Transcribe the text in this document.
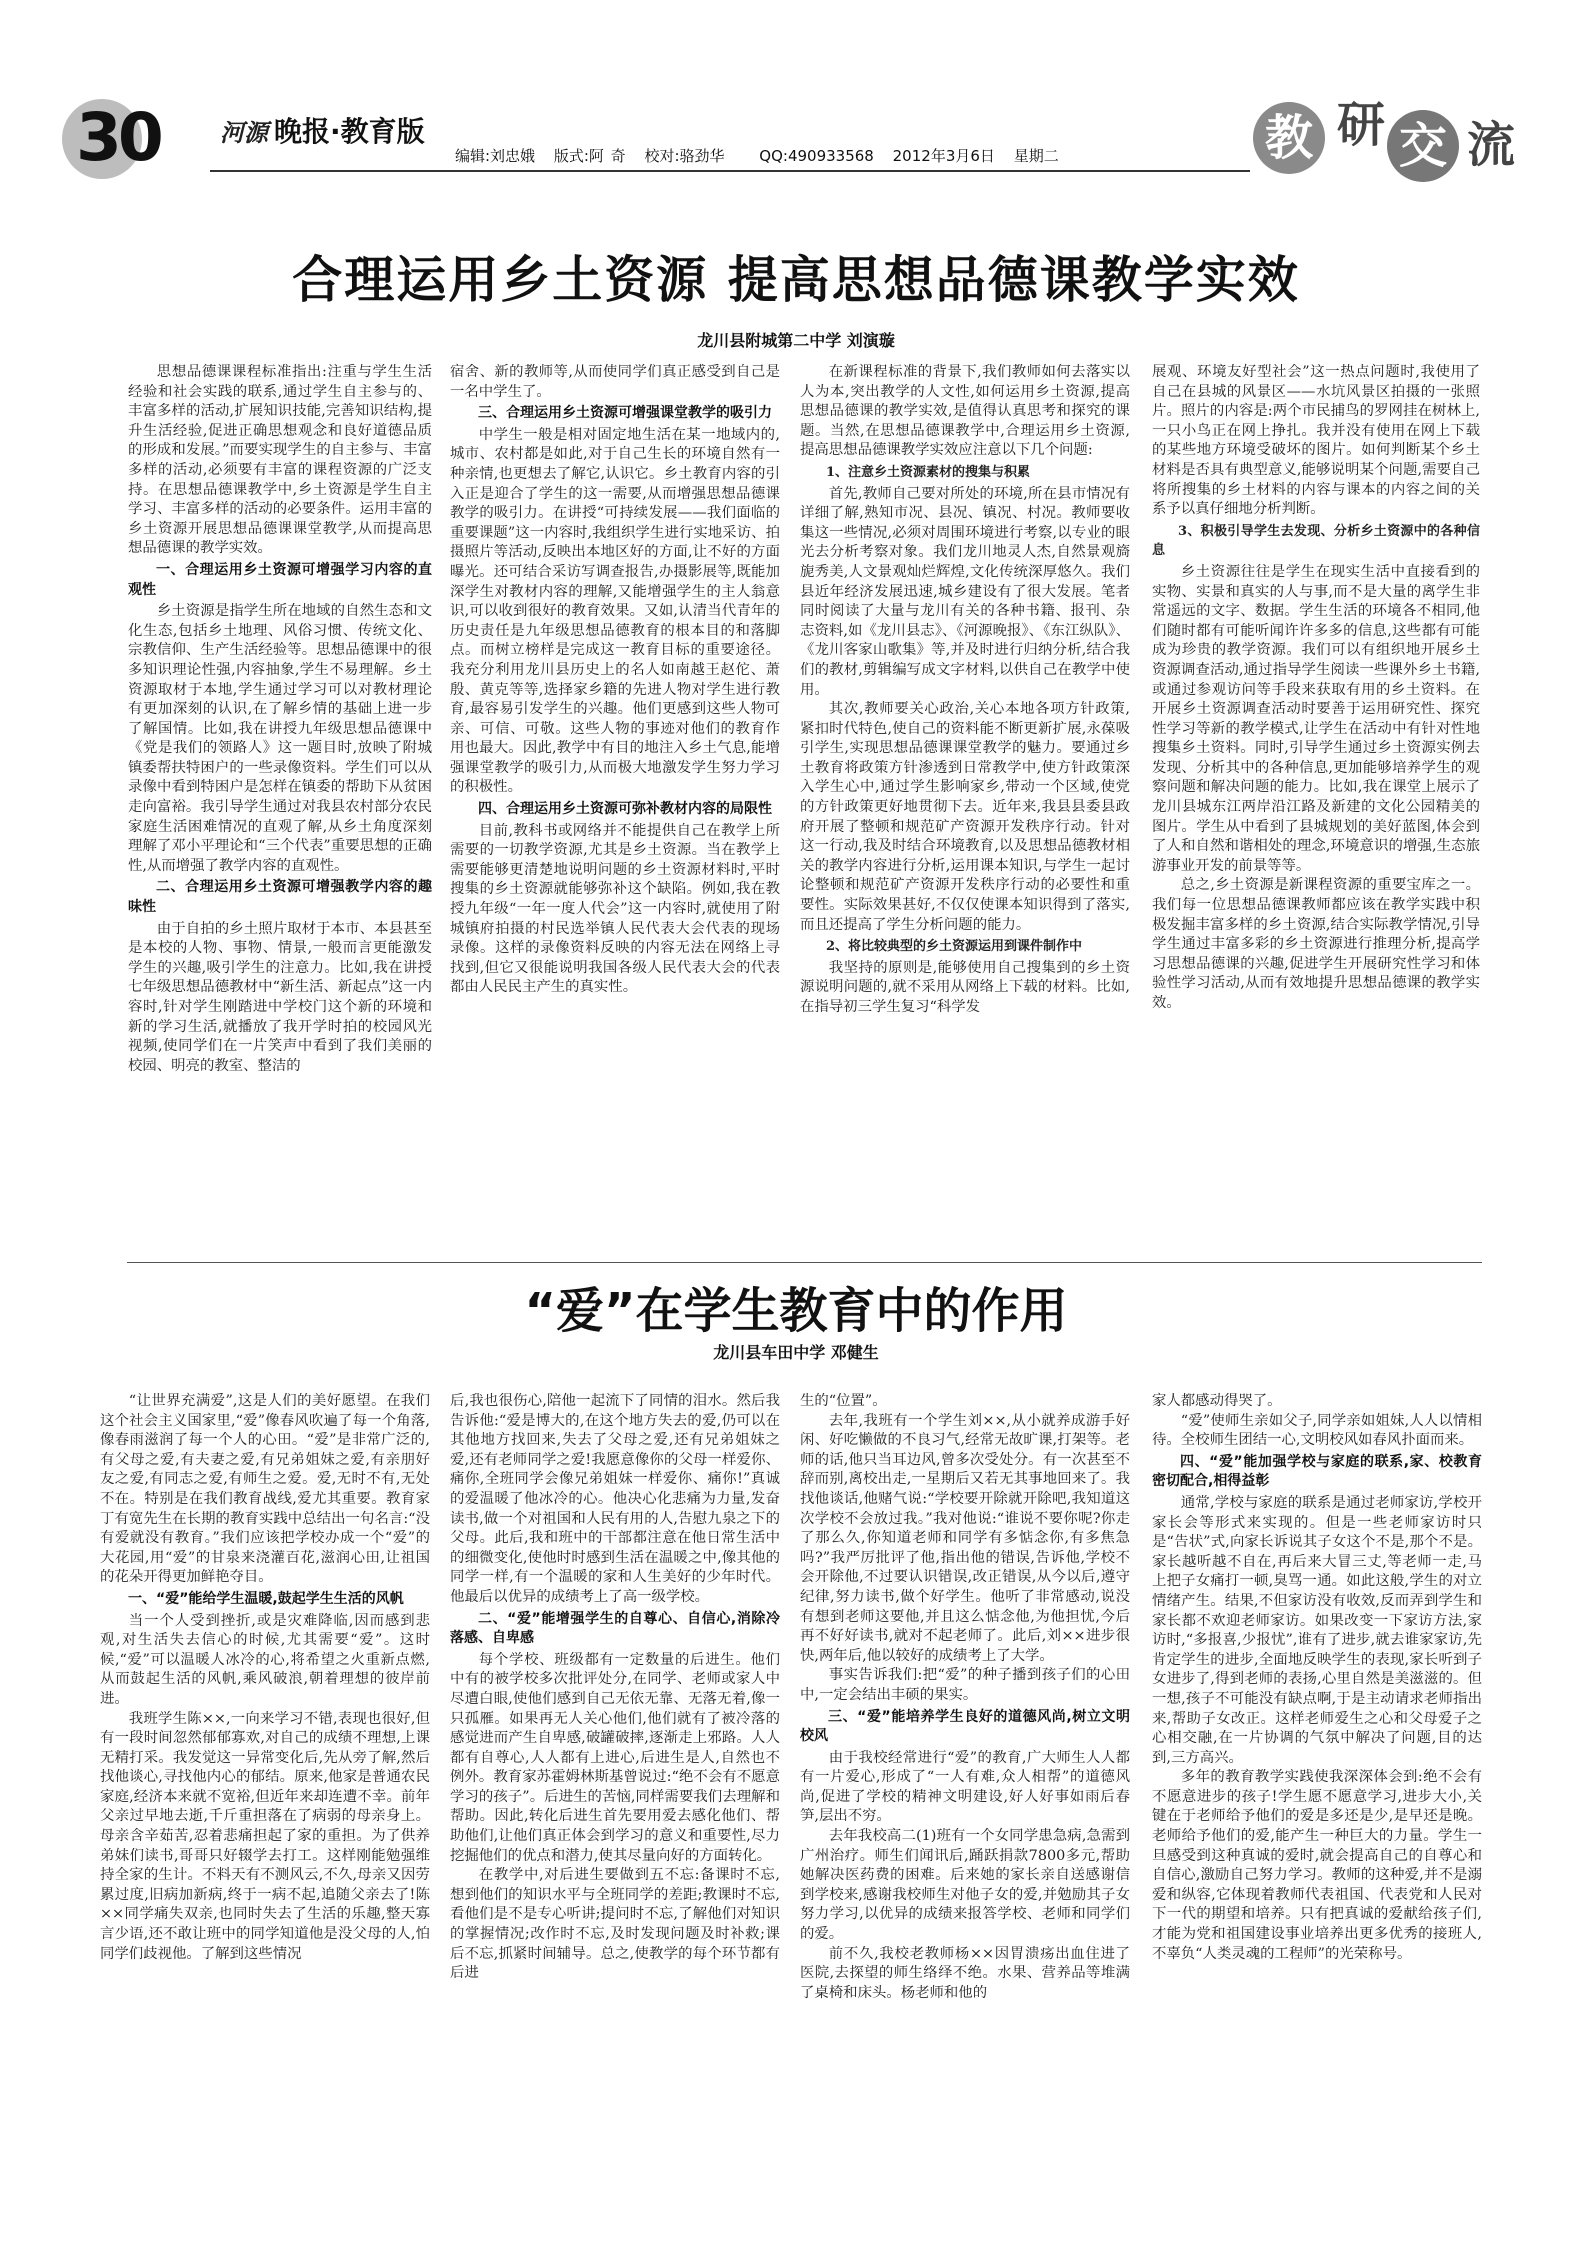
30	河源 晚报·教育版
编辑:刘忠娥 版式:阿 奇 校对:骆劲华 QQ:490933568 2012年3月6日 星期二	教 研 交 流
合理运用乡土资源 提高思想品德课教学实效
龙川县附城第二中学 刘演璇

思想品德课课程标准指出:注重与学生生活经验和社会实践的联系,通过学生自主参与的、丰富多样的活动,扩展知识技能,完善知识结构,提升生活经验,促进正确思想观念和良好道德品质的形成和发展。”而要实现学生的自主参与、丰富多样的活动,必须要有丰富的课程资源的广泛支持。在思想品德课教学中,乡土资源是学生自主学习、丰富多样的活动的必要条件。运用丰富的乡土资源开展思想品德课课堂教学,从而提高思想品德课的教学实效。

一、合理运用乡土资源可增强学习内容的直观性

乡土资源是指学生所在地域的自然生态和文化生态,包括乡土地理、风俗习惯、传统文化、宗教信仰、生产生活经验等。思想品德课中的很多知识理论性强,内容抽象,学生不易理解。乡土资源取材于本地,学生通过学习可以对教材理论有更加深刻的认识,在了解乡情的基础上进一步了解国情。比如,我在讲授九年级思想品德课中《党是我们的领路人》这一题目时,放映了附城镇委帮扶特困户的一些录像资料。学生们可以从录像中看到特困户是怎样在镇委的帮助下从贫困走向富裕。我引导学生通过对我县农村部分农民家庭生活困难情况的直观了解,从乡土角度深刻理解了邓小平理论和“三个代表”重要思想的正确性,从而增强了教学内容的直观性。

二、合理运用乡土资源可增强教学内容的趣味性

由于自拍的乡土照片取材于本市、本县甚至是本校的人物、事物、情景,一般而言更能激发学生的兴趣,吸引学生的注意力。比如,我在讲授七年级思想品德教材中“新生活、新起点”这一内容时,针对学生刚踏进中学校门这个新的环境和新的学习生活,就播放了我开学时拍的校园风光视频,使同学们在一片笑声中看到了我们美丽的校园、明亮的教室、整洁的

宿舍、新的教师等,从而使同学们真正感受到自己是一名中学生了。

三、合理运用乡土资源可增强课堂教学的吸引力

中学生一般是相对固定地生活在某一地域内的,城市、农村都是如此,对于自己生长的环境自然有一种亲情,也更想去了解它,认识它。乡土教育内容的引入正是迎合了学生的这一需要,从而增强思想品德课教学的吸引力。在讲授“可持续发展——我们面临的重要课题”这一内容时,我组织学生进行实地采访、拍摄照片等活动,反映出本地区好的方面,让不好的方面曝光。还可结合采访写调查报告,办摄影展等,既能加深学生对教材内容的理解,又能增强学生的主人翁意识,可以收到很好的教育效果。又如,认清当代青年的历史责任是九年级思想品德教育的根本目的和落脚点。而树立榜样是完成这一教育目标的重要途径。我充分利用龙川县历史上的名人如南越王赵佗、萧殷、黄克等等,选择家乡籍的先进人物对学生进行教育,最容易引发学生的兴趣。他们更感到这些人物可亲、可信、可敬。这些人物的事迹对他们的教育作用也最大。因此,教学中有目的地注入乡土气息,能增强课堂教学的吸引力,从而极大地激发学生努力学习的积极性。

四、合理运用乡土资源可弥补教材内容的局限性

目前,教科书或网络并不能提供自己在教学上所需要的一切教学资源,尤其是乡土资源。当在教学上需要能够更清楚地说明问题的乡土资源材料时,平时搜集的乡土资源就能够弥补这个缺陷。例如,我在教授九年级“一年一度人代会”这一内容时,就使用了附城镇府拍摄的村民选举镇人民代表大会代表的现场录像。这样的录像资料反映的内容无法在网络上寻找到,但它又很能说明我国各级人民代表大会的代表都由人民民主产生的真实性。

在新课程标准的背景下,我们教师如何去落实以人为本,突出教学的人文性,如何运用乡土资源,提高思想品德课的教学实效,是值得认真思考和探究的课题。当然,在思想品德课教学中,合理运用乡土资源,提高思想品德课教学实效应注意以下几个问题:

1、注意乡土资源素材的搜集与积累

首先,教师自己要对所处的环境,所在县市情况有详细了解,熟知市况、县况、镇况、村况。教师要收集这一些情况,必须对周围环境进行考察,以专业的眼光去分析考察对象。我们龙川地灵人杰,自然景观旖旎秀美,人文景观灿烂辉煌,文化传统深厚悠久。我们县近年经济发展迅速,城乡建设有了很大发展。笔者同时阅读了大量与龙川有关的各种书籍、报刊、杂志资料,如《龙川县志》、《河源晚报》、《东江纵队》、《龙川客家山歌集》等,并及时进行归纳分析,结合我们的教材,剪辑编写成文字材料,以供自己在教学中使用。

其次,教师要关心政治,关心本地各项方针政策,紧扣时代特色,使自己的资料能不断更新扩展,永葆吸引学生,实现思想品德课课堂教学的魅力。要通过乡土教育将政策方针渗透到日常教学中,使方针政策深入学生心中,通过学生影响家乡,带动一个区域,使党的方针政策更好地贯彻下去。近年来,我县县委县政府开展了整顿和规范矿产资源开发秩序行动。针对这一行动,我及时结合环境教育,以及思想品德教材相关的教学内容进行分析,运用课本知识,与学生一起讨论整顿和规范矿产资源开发秩序行动的必要性和重要性。实际效果甚好,不仅仅使课本知识得到了落实,而且还提高了学生分析问题的能力。

2、将比较典型的乡土资源运用到课件制作中

我坚持的原则是,能够使用自己搜集到的乡土资源说明问题的,就不采用从网络上下载的材料。比如,在指导初三学生复习“科学发

展观、环境友好型社会”这一热点问题时,我使用了自己在县城的风景区——水坑风景区拍摄的一张照片。照片的内容是:两个市民捕鸟的罗网挂在树林上,一只小鸟正在网上挣扎。我并没有使用在网上下载的某些地方环境受破坏的图片。如何判断某个乡土材料是否具有典型意义,能够说明某个问题,需要自己将所搜集的乡土材料的内容与课本的内容之间的关系予以真仔细地分析判断。

3、积极引导学生去发现、分析乡土资源中的各种信息

乡土资源往往是学生在现实生活中直接看到的实物、实景和真实的人与事,而不是大量的离学生非常遥远的文字、数据。学生生活的环境各不相同,他们随时都有可能听闻许许多多的信息,这些都有可能成为珍贵的教学资源。我们可以有组织地开展乡土资源调查活动,通过指导学生阅读一些课外乡土书籍,或通过参观访问等手段来获取有用的乡土资料。在开展乡土资源调查活动时要善于运用研究性、探究性学习等新的教学模式,让学生在活动中有针对性地搜集乡土资料。同时,引导学生通过乡土资源实例去发现、分析其中的各种信息,更加能够培养学生的观察问题和解决问题的能力。比如,我在课堂上展示了龙川县城东江两岸沿江路及新建的文化公园精美的图片。学生从中看到了县城规划的美好蓝图,体会到了人和自然和谐相处的理念,环境意识的增强,生态旅游事业开发的前景等等。

总之,乡土资源是新课程资源的重要宝库之一。我们每一位思想品德课教师都应该在教学实践中积极发掘丰富多样的乡土资源,结合实际教学情况,引导学生通过丰富多彩的乡土资源进行推理分析,提高学习思想品德课的兴趣,促进学生开展研究性学习和体验性学习活动,从而有效地提升思想品德课的教学实效。

“爱”在学生教育中的作用
龙川县车田中学 邓健生

“让世界充满爱”,这是人们的美好愿望。在我们这个社会主义国家里,“爱”像春风吹遍了每一个角落,像春雨滋润了每一个人的心田。“爱”是非常广泛的,有父母之爱,有夫妻之爱,有兄弟姐妹之爱,有亲朋好友之爱,有同志之爱,有师生之爱。爱,无时不有,无处不在。特别是在我们教育战线,爱尤其重要。教育家丁有宽先生在长期的教育实践中总结出一句名言:“没有爱就没有教育。”我们应该把学校办成一个“爱”的大花园,用“爱”的甘泉来浇灌百花,滋润心田,让祖国的花朵开得更加鲜艳夺目。

一、“爱”能给学生温暖,鼓起学生生活的风帆

当一个人受到挫折,或是灾难降临,因而感到悲观,对生活失去信心的时候,尤其需要“爱”。这时候,“爱”可以温暖人冰冷的心,将希望之火重新点燃,从而鼓起生活的风帆,乘风破浪,朝着理想的彼岸前进。

我班学生陈××,一向来学习不错,表现也很好,但有一段时间忽然郁郁寡欢,对自己的成绩不理想,上课无精打采。我发觉这一异常变化后,先从旁了解,然后找他谈心,寻找他内心的郁结。原来,他家是普通农民家庭,经济本来就不宽裕,但近年来却连遭不幸。前年父亲过早地去逝,千斤重担落在了病弱的母亲身上。母亲含辛茹苦,忍着悲痛担起了家的重担。为了供养弟妹们读书,哥哥只好辍学去打工。这样刚能勉强维持全家的生计。不料天有不测风云,不久,母亲又因劳累过度,旧病加新病,终于一病不起,追随父亲去了!陈××同学痛失双亲,也同时失去了生活的乐趣,整天寡言少语,还不敢让班中的同学知道他是没父母的人,怕同学们歧视他。了解到这些情况

后,我也很伤心,陪他一起流下了同情的泪水。然后我告诉他:“爱是博大的,在这个地方失去的爱,仍可以在其他地方找回来,失去了父母之爱,还有兄弟姐妹之爱,还有老师同学之爱!我愿意像你的父母一样爱你、痛你,全班同学会像兄弟姐妹一样爱你、痛你!”真诚的爱温暖了他冰冷的心。他决心化悲痛为力量,发奋读书,做一个对祖国和人民有用的人,告慰九泉之下的父母。此后,我和班中的干部都注意在他日常生活中的细微变化,使他时时感到生活在温暖之中,像其他的同学一样,有一个温暖的家和人生美好的少年时代。他最后以优异的成绩考上了高一级学校。

二、“爱”能增强学生的自尊心、自信心,消除冷落感、自卑感

每个学校、班级都有一定数量的后进生。他们中有的被学校多次批评处分,在同学、老师或家人中尽遭白眼,使他们感到自己无依无靠、无落无着,像一只孤雁。如果再无人关心他们,他们就有了被冷落的感觉进而产生自卑感,破罐破摔,逐渐走上邪路。人人都有自尊心,人人都有上进心,后进生是人,自然也不例外。教育家苏霍姆林斯基曾说过:“绝不会有不愿意学习的孩子”。后进生的苦恼,同样需要我们去理解和帮助。因此,转化后进生首先要用爱去感化他们、帮助他们,让他们真正体会到学习的意义和重要性,尽力挖掘他们的优点和潜力,使其尽量向好的方面转化。

在教学中,对后进生要做到五不忘:备课时不忘,想到他们的知识水平与全班同学的差距;教课时不忘,看他们是不是专心听讲;提问时不忘,了解他们对知识的掌握情况;改作时不忘,及时发现问题及时补救;课后不忘,抓紧时间辅导。总之,使教学的每个环节都有后进

生的“位置”。

去年,我班有一个学生刘××,从小就养成游手好闲、好吃懒做的不良习气,经常无故旷课,打架等。老师的话,他只当耳边风,曾多次受处分。有一次甚至不辞而别,离校出走,一星期后又若无其事地回来了。我找他谈话,他赌气说:“学校要开除就开除吧,我知道这次学校不会放过我。”我对他说:“谁说不要你呢?你走了那么久,你知道老师和同学有多惦念你,有多焦急吗?”我严厉批评了他,指出他的错误,告诉他,学校不会开除他,不过要认识错误,改正错误,从今以后,遵守纪律,努力读书,做个好学生。他听了非常感动,说没有想到老师这要他,并且这么惦念他,为他担忧,今后再不好好读书,就对不起老师了。此后,刘××进步很快,两年后,他以较好的成绩考上了大学。

事实告诉我们:把“爱”的种子播到孩子们的心田中,一定会结出丰硕的果实。

三、“爱”能培养学生良好的道德风尚,树立文明校风

由于我校经常进行“爱”的教育,广大师生人人都有一片爱心,形成了“一人有难,众人相帮”的道德风尚,促进了学校的精神文明建设,好人好事如雨后春笋,层出不穷。

去年我校高二(1)班有一个女同学患急病,急需到广州治疗。师生们闻讯后,踊跃捐款7800多元,帮助她解决医药费的困难。后来她的家长亲自送感谢信到学校来,感谢我校师生对他子女的爱,并勉励其子女努力学习,以优异的成绩来报答学校、老师和同学们的爱。

前不久,我校老教师杨××因胃溃疡出血住进了医院,去探望的师生络绎不绝。水果、营养品等堆满了桌椅和床头。杨老师和他的

家人都感动得哭了。

“爱”使师生亲如父子,同学亲如姐妹,人人以情相待。全校师生团结一心,文明校风如春风扑面而来。

四、“爱”能加强学校与家庭的联系,家、校教育密切配合,相得益彰

通常,学校与家庭的联系是通过老师家访,学校开家长会等形式来实现的。但是一些老师家访时只是“告状”式,向家长诉说其子女这个不是,那个不是。家长越听越不自在,再后来大冒三丈,等老师一走,马上把子女痛打一顿,臭骂一通。如此这般,学生的对立情绪产生。结果,不但家访没有收效,反而弄到学生和家长都不欢迎老师家访。如果改变一下家访方法,家访时,“多报喜,少报忧”,谁有了进步,就去谁家家访,先肯定学生的进步,全面地反映学生的表现,家长听到子女进步了,得到老师的表扬,心里自然是美滋滋的。但一想,孩子不可能没有缺点啊,于是主动请求老师指出来,帮助子女改正。这样老师爱生之心和父母爱子之心相交融,在一片协调的气氛中解决了问题,目的达到,三方高兴。

多年的教育教学实践使我深深体会到:绝不会有不愿意进步的孩子!学生愿不愿意学习,进步大小,关键在于老师给予他们的爱是多还是少,是早还是晚。老师给予他们的爱,能产生一种巨大的力量。学生一旦感受到这种真诚的爱时,就会提高自己的自尊心和自信心,激励自己努力学习。教师的这种爱,并不是溺爱和纵容,它体现着教师代表祖国、代表党和人民对下一代的期望和培养。只有把真诚的爱献给孩子们,才能为党和祖国建设事业培养出更多优秀的接班人,不辜负“人类灵魂的工程师”的光荣称号。
